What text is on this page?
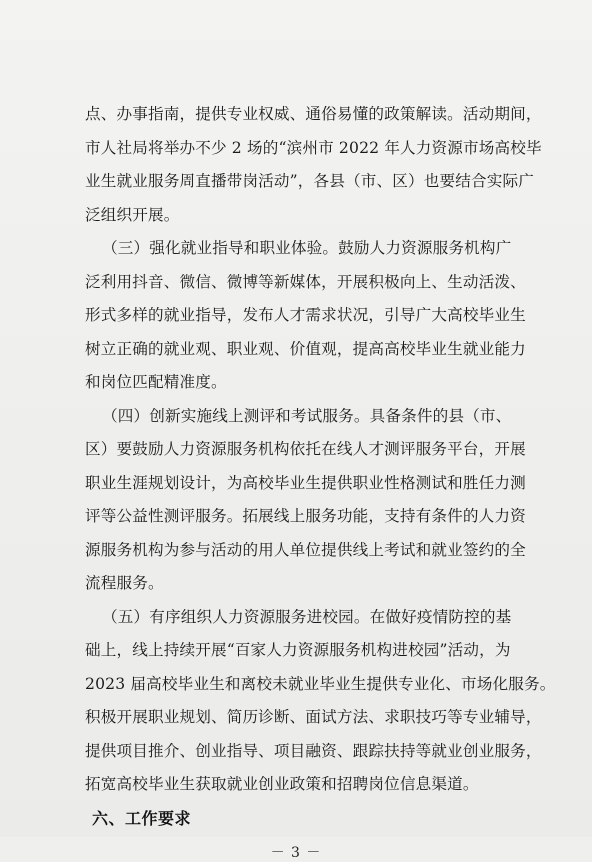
点、办事指南，提供专业权威、通俗易懂的政策解读。活动期间，
市人社局将举办不少 2 场的“滨州市 2022 年人力资源市场高校毕
业生就业服务周直播带岗活动”，各县（市、区）也要结合实际广
泛组织开展。
（三）强化就业指导和职业体验。鼓励人力资源服务机构广
泛利用抖音、微信、微博等新媒体，开展积极向上、生动活泼、
形式多样的就业指导，发布人才需求状况，引导广大高校毕业生
树立正确的就业观、职业观、价值观，提高高校毕业生就业能力
和岗位匹配精准度。
（四）创新实施线上测评和考试服务。具备条件的县（市、
区）要鼓励人力资源服务机构依托在线人才测评服务平台，开展
职业生涯规划设计，为高校毕业生提供职业性格测试和胜任力测
评等公益性测评服务。拓展线上服务功能，支持有条件的人力资
源服务机构为参与活动的用人单位提供线上考试和就业签约的全
流程服务。
（五）有序组织人力资源服务进校园。在做好疫情防控的基
础上，线上持续开展“百家人力资源服务机构进校园”活动，为
2023 届高校毕业生和离校未就业毕业生提供专业化、市场化服务。
积极开展职业规划、简历诊断、面试方法、求职技巧等专业辅导，
提供项目推介、创业指导、项目融资、跟踪扶持等就业创业服务，
拓宽高校毕业生获取就业创业政策和招聘岗位信息渠道。
六、工作要求
－ 3 －
